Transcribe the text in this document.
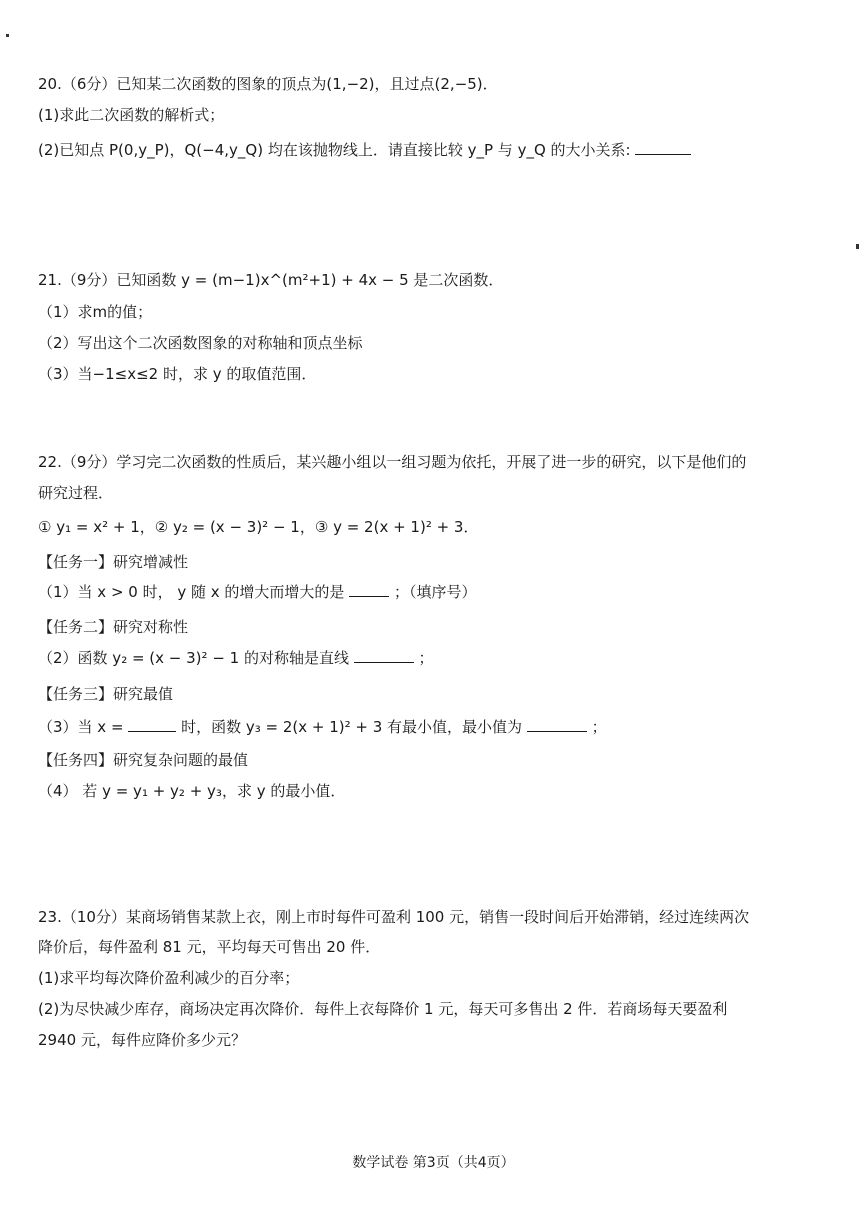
20.（6分）已知某二次函数的图象的顶点为(1,−2)，且过点(2,−5)．
(1)求此二次函数的解析式；
(2)已知点 P(0,y_P)，Q(−4,y_Q) 均在该抛物线上．请直接比较 y_P 与 y_Q 的大小关系:
21.（9分）已知函数 y = (m−1)x^(m²+1) + 4x − 5 是二次函数．
（1）求m的值；
（2）写出这个二次函数图象的对称轴和顶点坐标
（3）当−1≤x≤2 时，求 y 的取值范围．
22.（9分）学习完二次函数的性质后，某兴趣小组以一组习题为依托，开展了进一步的研究，以下是他们的
研究过程．
① y₁ = x² + 1，② y₂ = (x − 3)² − 1，③ y = 2(x + 1)² + 3．
【任务一】研究增减性
（1）当 x > 0 时， y 随 x 的增大而增大的是	；（填序号）
【任务二】研究对称性
（2）函数 y₂ = (x − 3)² − 1 的对称轴是直线	；
【任务三】研究最值
（3）当 x =	时，函数 y₃ = 2(x + 1)² + 3 有最小值，最小值为	；
【任务四】研究复杂问题的最值
（4） 若 y = y₁ + y₂ + y₃，求 y 的最小值．
23.（10分）某商场销售某款上衣，刚上市时每件可盈利 100 元，销售一段时间后开始滞销，经过连续两次
降价后，每件盈利 81 元，平均每天可售出 20 件．
(1)求平均每次降价盈利减少的百分率；
(2)为尽快减少库存，商场决定再次降价．每件上衣每降价 1 元，每天可多售出 2 件．若商场每天要盈利
2940 元，每件应降价多少元？
数学试卷 第3页（共4页）
